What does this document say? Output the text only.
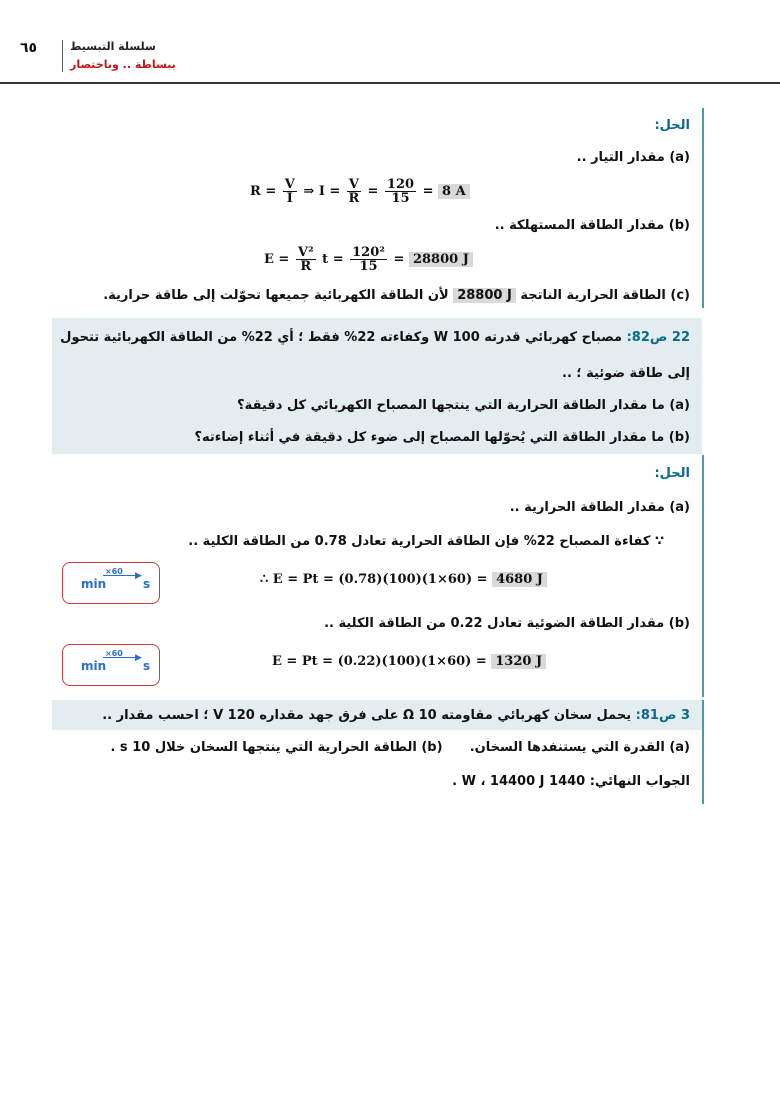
٦٥	سلسلة التبسيط
ببساطة .. وباختصار
الحل:
(a) مقدار التيار ..
$R = \frac{V}{I}$ ⇒ $I = \frac{V}{R} = \frac{120}{15} = 8$ A
(b) مقدار الطاقة المستهلكة ..
$E = \frac{\text{V²}}{R}$ $t = \frac{\text{120²}}{15} = 28800$ J
(c) الطاقة الحرارية الناتجة 28800 J لأن الطاقة الكهربائية جميعها تحوّلت إلى طاقة حرارية.
22 ص82: مصباح كهربائي قدرته 100 W وكفاءته 22% فقط ؛ أي 22% من الطاقة الكهربائية تتحول
إلى طاقة ضوئية ؛ ..
(a) ما مقدار الطاقة الحرارية التي ينتجها المصباح الكهربائي كل دقيقة؟
(b) ما مقدار الطاقة التي يُحوّلها المصباح إلى ضوء كل دقيقة في أثناء إضاءته؟
الحل:
(a) مقدار الطاقة الحرارية ..
∵ كفاءة المصباح 22% فإن الطاقة الحرارية تعادل 0.78 من الطاقة الكلية ..
∴ E = Pt = (0.78)(100)(1×60) = 4680 J
min
×60 ▶
s
(b) مقدار الطاقة الضوئية تعادل 0.22 من الطاقة الكلية ..
E = Pt = (0.22)(100)(1×60) = 1320 J
min
×60 ▶
s
3 ص81: يحمل سخان كهربائي مقاومته 10 Ω على فرق جهد مقداره 120 V ؛ احسب مقدار ..
(a) القدرة التي يستنفدها السخان.      (b) الطاقة الحرارية التي ينتجها السخان خلال 10 s .
الجواب النهائي: 1440 W ، 14400 J .
